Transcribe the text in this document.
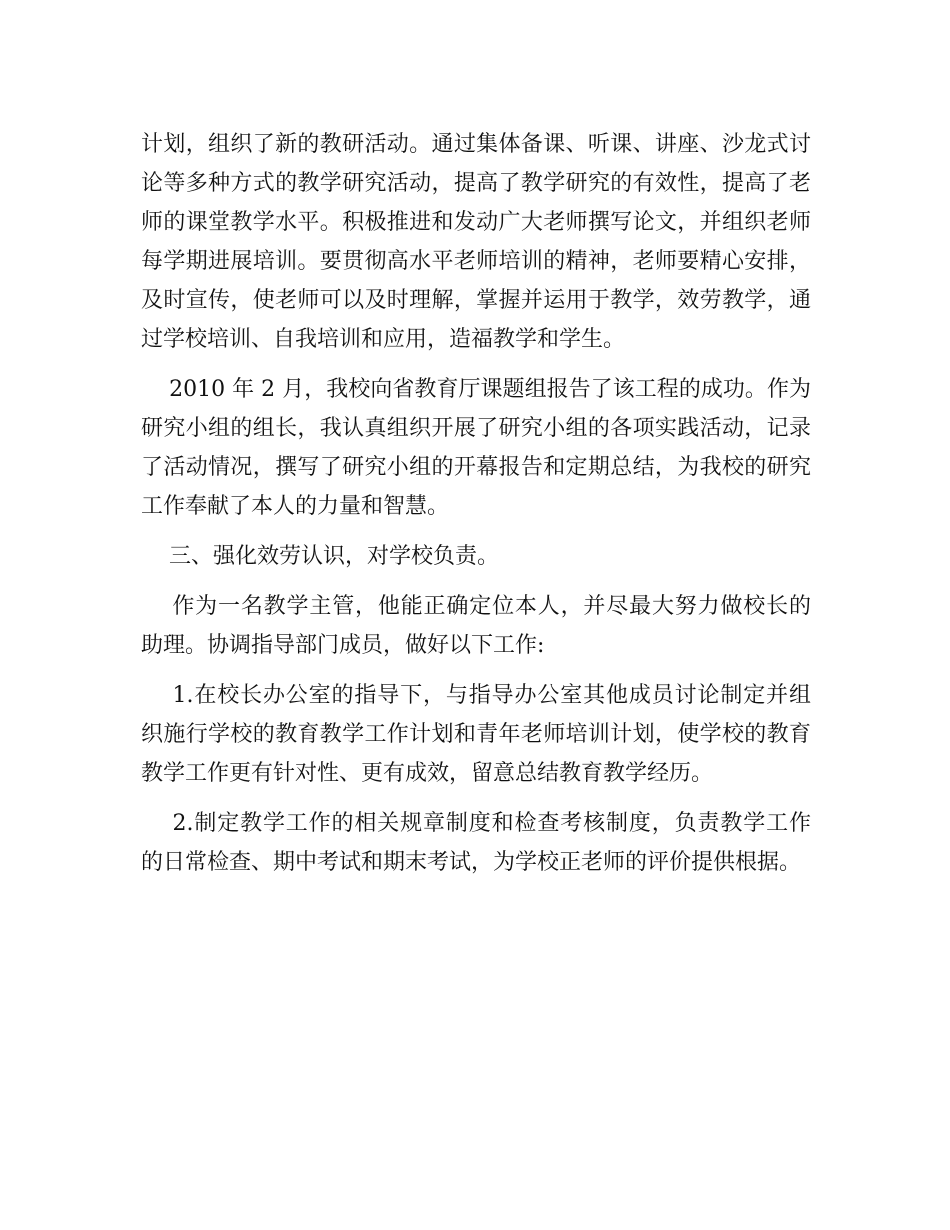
计划，组织了新的教研活动。通过集体备课、听课、讲座、沙龙式讨
论等多种方式的教学研究活动，提高了教学研究的有效性，提高了老
师的课堂教学水平。积极推进和发动广大老师撰写论文，并组织老师
每学期进展培训。要贯彻高水平老师培训的精神，老师要精心安排，
及时宣传，使老师可以及时理解，掌握并运用于教学，效劳教学，通
过学校培训、自我培训和应用，造福教学和学生。
2010 年 2 月，我校向省教育厅课题组报告了该工程的成功。作为
研究小组的组长，我认真组织开展了研究小组的各项实践活动，记录
了活动情况，撰写了研究小组的开幕报告和定期总结，为我校的研究
工作奉献了本人的力量和智慧。
三、强化效劳认识，对学校负责。
作为一名教学主管，他能正确定位本人，并尽最大努力做校长的
助理。协调指导部门成员，做好以下工作:
1.在校长办公室的指导下，与指导办公室其他成员讨论制定并组
织施行学校的教育教学工作计划和青年老师培训计划，使学校的教育
教学工作更有针对性、更有成效，留意总结教育教学经历。
2.制定教学工作的相关规章制度和检查考核制度，负责教学工作
的日常检查、期中考试和期末考试，为学校正老师的评价提供根据。
